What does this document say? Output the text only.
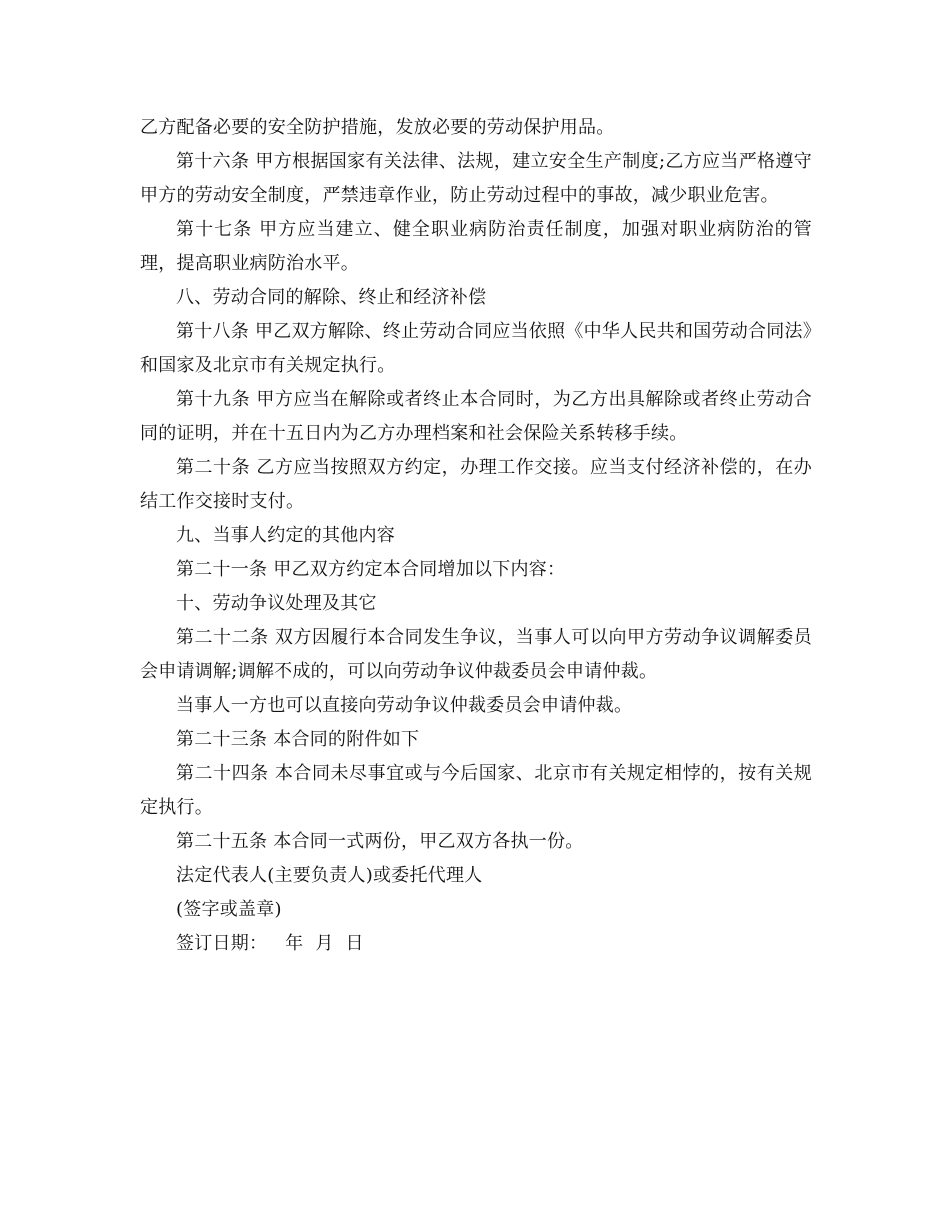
乙方配备必要的安全防护措施，发放必要的劳动保护用品。

第十六条 甲方根据国家有关法律、法规，建立安全生产制度;乙方应当严格遵守甲方的劳动安全制度，严禁违章作业，防止劳动过程中的事故，减少职业危害。

第十七条 甲方应当建立、健全职业病防治责任制度，加强对职业病防治的管理，提高职业病防治水平。

八、劳动合同的解除、终止和经济补偿

第十八条 甲乙双方解除、终止劳动合同应当依照《中华人民共和国劳动合同法》和国家及北京市有关规定执行。

第十九条 甲方应当在解除或者终止本合同时，为乙方出具解除或者终止劳动合同的证明，并在十五日内为乙方办理档案和社会保险关系转移手续。

第二十条 乙方应当按照双方约定，办理工作交接。应当支付经济补偿的，在办结工作交接时支付。

九、当事人约定的其他内容

第二十一条 甲乙双方约定本合同增加以下内容：

十、劳动争议处理及其它

第二十二条 双方因履行本合同发生争议，当事人可以向甲方劳动争议调解委员会申请调解;调解不成的，可以向劳动争议仲裁委员会申请仲裁。

当事人一方也可以直接向劳动争议仲裁委员会申请仲裁。

第二十三条 本合同的附件如下

第二十四条 本合同未尽事宜或与今后国家、北京市有关规定相悖的，按有关规定执行。

第二十五条 本合同一式两份，甲乙双方各执一份。

法定代表人(主要负责人)或委托代理人

(签字或盖章)

签订日期：   年  月  日
